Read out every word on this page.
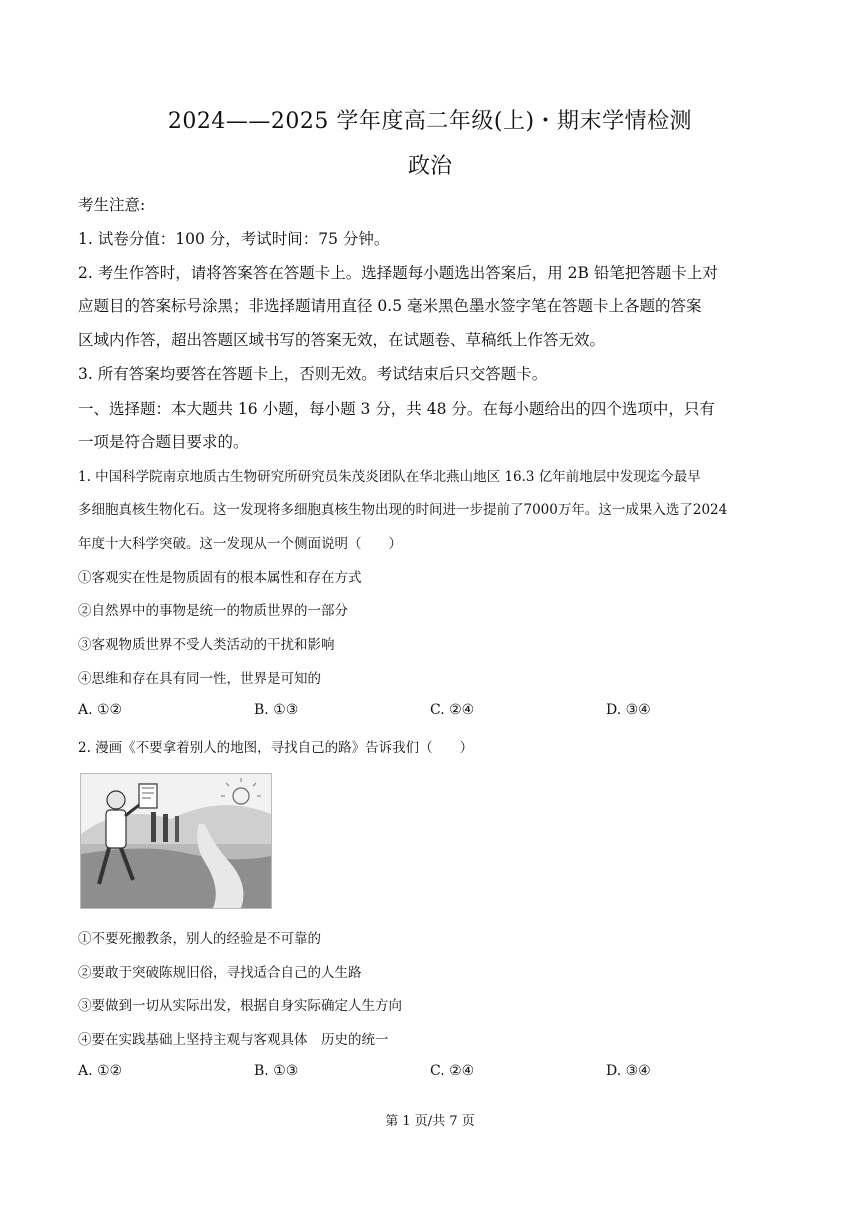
2024——2025 学年度高二年级(上)・期末学情检测
政治
考生注意:
1. 试卷分值：100 分，考试时间：75 分钟。
2. 考生作答时，请将答案答在答题卡上。选择题每小题选出答案后，用 2B 铅笔把答题卡上对
应题目的答案标号涂黑；非选择题请用直径 0.5 毫米黑色墨水签字笔在答题卡上各题的答案
区域内作答，超出答题区域书写的答案无效，在试题卷、草稿纸上作答无效。
3. 所有答案均要答在答题卡上，否则无效。考试结束后只交答题卡。
一、选择题：本大题共 16 小题，每小题 3 分，共 48 分。在每小题给出的四个选项中，只有
一项是符合题目要求的。
1. 中国科学院南京地质古生物研究所研究员朱茂炎团队在华北燕山地区 16.3 亿年前地层中发现迄今最早
多细胞真核生物化石。这一发现将多细胞真核生物出现的时间进一步提前了7000万年。这一成果入选了2024
年度十大科学突破。这一发现从一个侧面说明（　　）
①客观实在性是物质固有的根本属性和存在方式
②自然界中的事物是统一的物质世界的一部分
③客观物质世界不受人类活动的干扰和影响
④思维和存在具有同一性，世界是可知的
A. ①②	B. ①③	C. ②④	D. ③④
2. 漫画《不要拿着别人的地图，寻找自己的路》告诉我们（　　）
①不要死搬教条，别人的经验是不可靠的
②要敢于突破陈规旧俗，寻找适合自己的人生路
③要做到一切从实际出发，根据自身实际确定人生方向
④要在实践基础上坚持主观与客观具体　历史的统一
A. ①②	B. ①③	C. ②④	D. ③④
第 1 页/共 7 页
